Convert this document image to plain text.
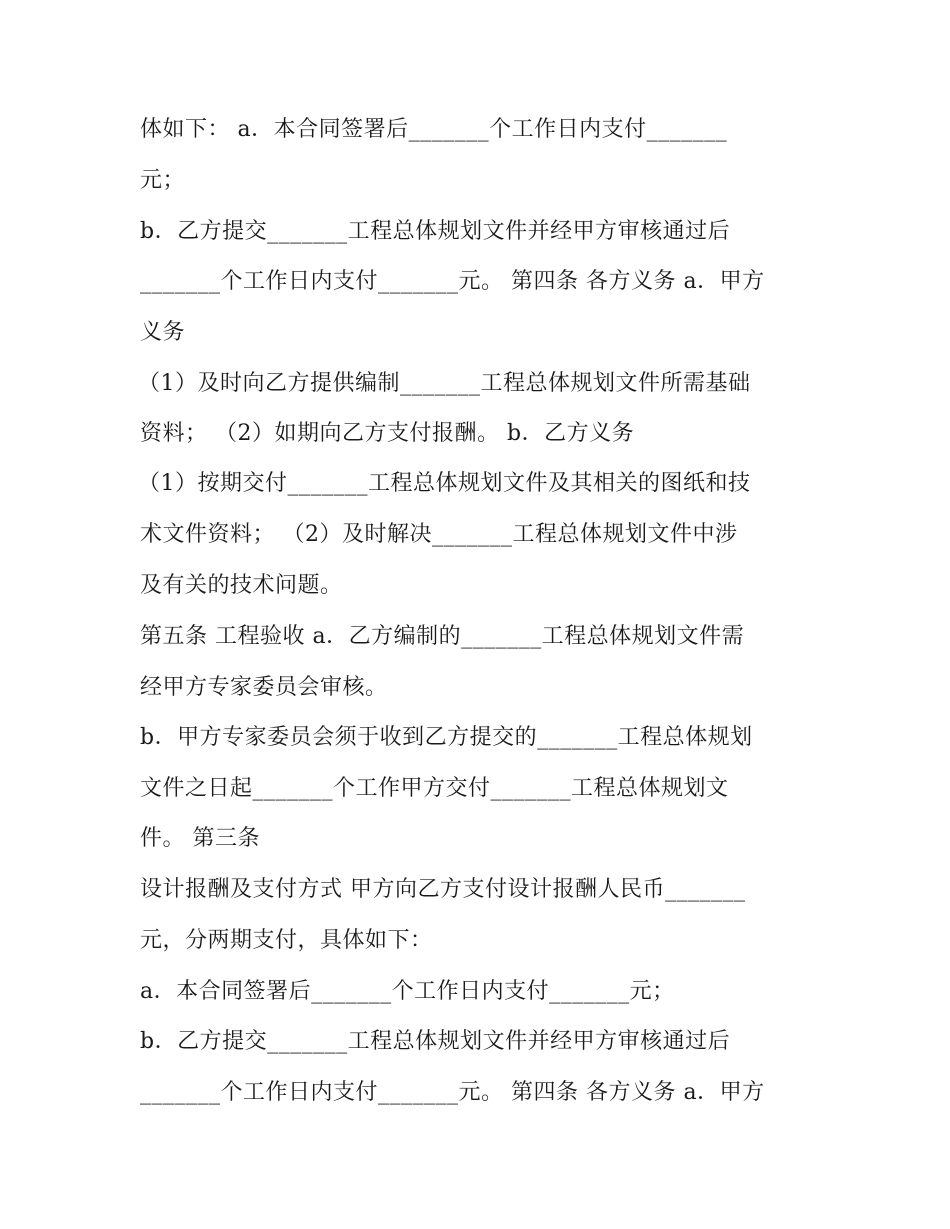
体如下： a．本合同签署后_______个工作日内支付_______
元；
b．乙方提交_______工程总体规划文件并经甲方审核通过后
_______个工作日内支付_______元。 第四条 各方义务 a．甲方
义务
（1）及时向乙方提供编制_______工程总体规划文件所需基础
资料； （2）如期向乙方支付报酬。 b．乙方义务
（1）按期交付_______工程总体规划文件及其相关的图纸和技
术文件资料； （2）及时解决_______工程总体规划文件中涉
及有关的技术问题。
第五条 工程验收 a．乙方编制的_______工程总体规划文件需
经甲方专家委员会审核。
b．甲方专家委员会须于收到乙方提交的_______工程总体规划
文件之日起_______个工作甲方交付_______工程总体规划文
件。 第三条
设计报酬及支付方式 甲方向乙方支付设计报酬人民币_______
元，分两期支付，具体如下：
a．本合同签署后_______个工作日内支付_______元；
b．乙方提交_______工程总体规划文件并经甲方审核通过后
_______个工作日内支付_______元。 第四条 各方义务 a．甲方
